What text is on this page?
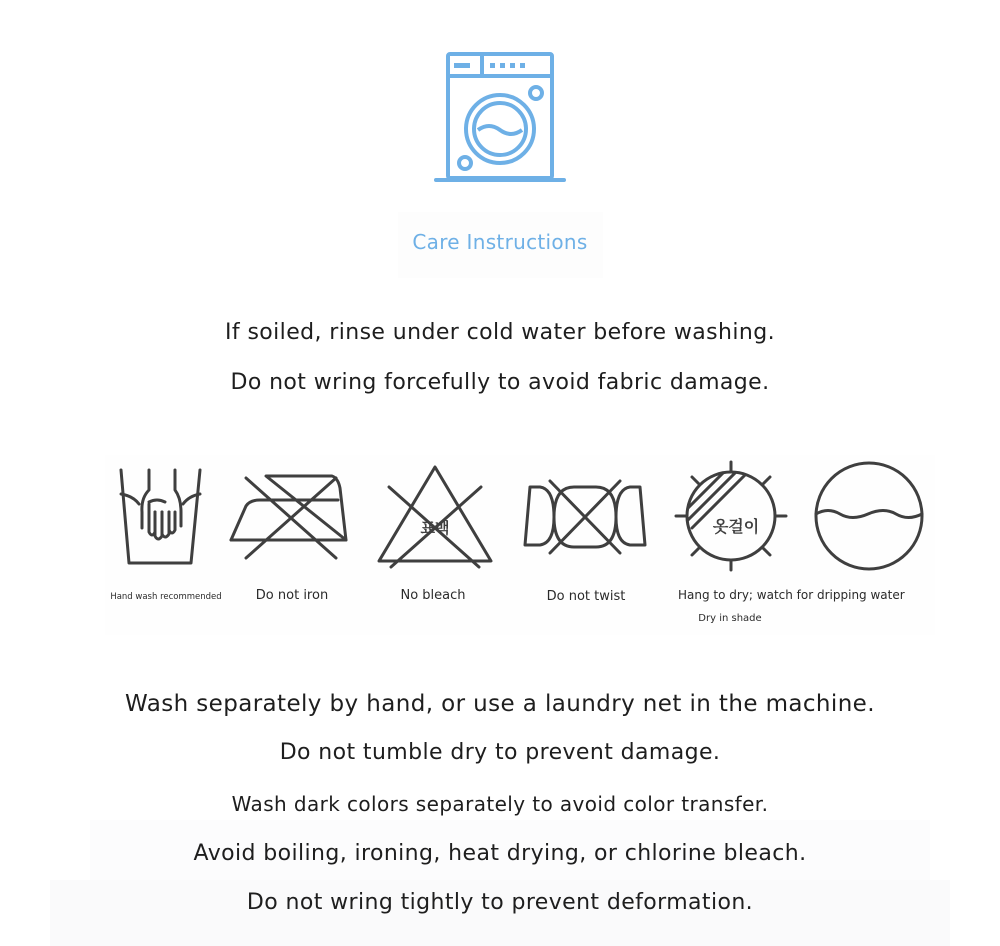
Care Instructions
If soiled, rinse under cold water before washing.
Do not wring forcefully to avoid fabric damage.
Hand wash recommended	Do not iron
표백
No bleach	Do not twist
옷걸이
Hang to dry; watch for dripping water
Dry in shade
Wash separately by hand, or use a laundry net in the machine.
Do not tumble dry to prevent damage.
Wash dark colors separately to avoid color transfer.
Avoid boiling, ironing, heat drying, or chlorine bleach.
Do not wring tightly to prevent deformation.
